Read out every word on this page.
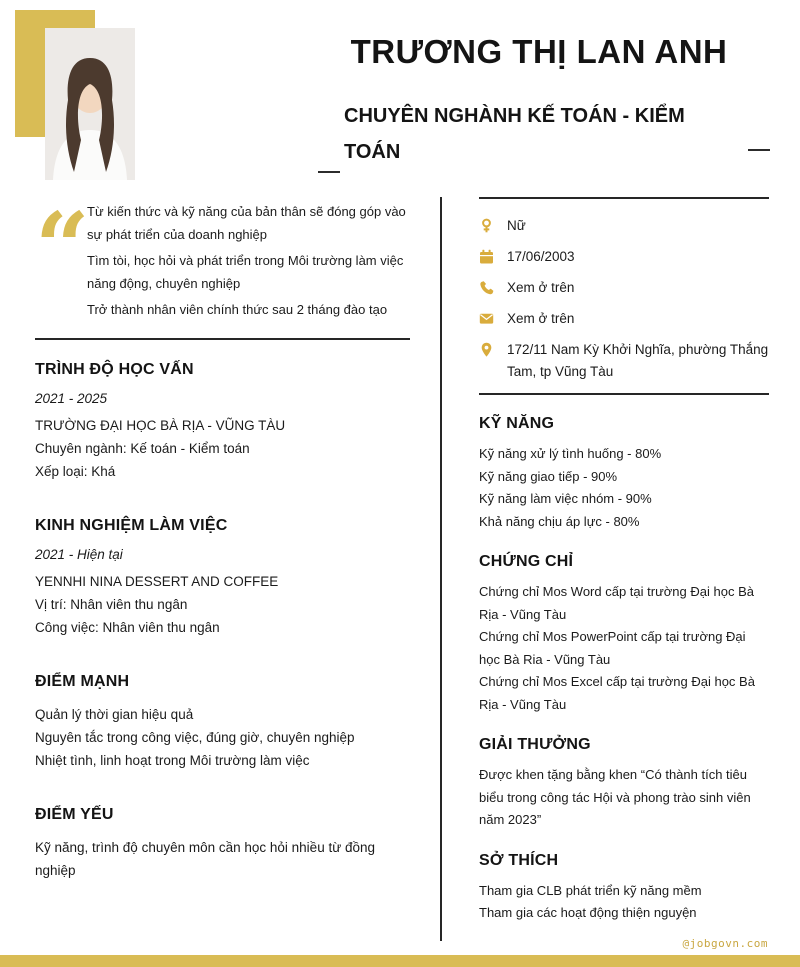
TRƯƠNG THỊ LAN ANH
CHUYÊN NGHÀNH KẾ TOÁN - KIỂM
TOÁN
“

Từ kiến thức và kỹ năng của bản thân sẽ đóng góp vào sự phát triển của doanh nghiệp

Tìm tòi, học hỏi và phát triển trong Môi trường làm việc năng động, chuyên nghiệp

Trở thành nhân viên chính thức sau 2 tháng đào tạo

TRÌNH ĐỘ HỌC VẤN

2021 - 2025

TRƯỜNG ĐẠI HỌC BÀ RỊA - VŨNG TÀU

Chuyên ngành: Kế toán - Kiểm toán

Xếp loại: Khá

KINH NGHIỆM LÀM VIỆC

2021 - Hiện tại

YENNHI NINA DESSERT AND COFFEE

Vị trí: Nhân viên thu ngân

Công việc: Nhân viên thu ngân

ĐIỂM MẠNH

Quản lý thời gian hiệu quả

Nguyên tắc trong công việc, đúng giờ, chuyên nghiệp

Nhiệt tình, linh hoạt trong Môi trường làm việc

ĐIỂM YẾU

Kỹ năng, trình độ chuyên môn cần học hỏi nhiều từ đồng nghiệp

Nữ
17/06/2003
Xem ở trên
Xem ở trên
172/11 Nam Kỳ Khởi Nghĩa, phường Thắng Tam, tp Vũng Tàu
KỸ NĂNG

Kỹ năng xử lý tình huống - 80%

Kỹ năng giao tiếp - 90%

Kỹ năng làm việc nhóm - 90%

Khả năng chịu áp lực - 80%

CHỨNG CHỈ

Chứng chỉ Mos Word cấp tại trường Đại học Bà Rịa - Vũng Tàu

Chứng chỉ Mos PowerPoint cấp tại trường Đại học Bà Ria - Vũng Tàu

Chứng chỉ Mos Excel cấp tại trường Đại học Bà Rịa - Vũng Tàu

GIẢI THƯỞNG

Được khen tặng bằng khen “Có thành tích tiêu biểu trong công tác Hội và phong trào sinh viên năm 2023”

SỞ THÍCH

Tham gia CLB phát triển kỹ năng mềm

Tham gia các hoạt động thiện nguyện

@jobgovn.com
